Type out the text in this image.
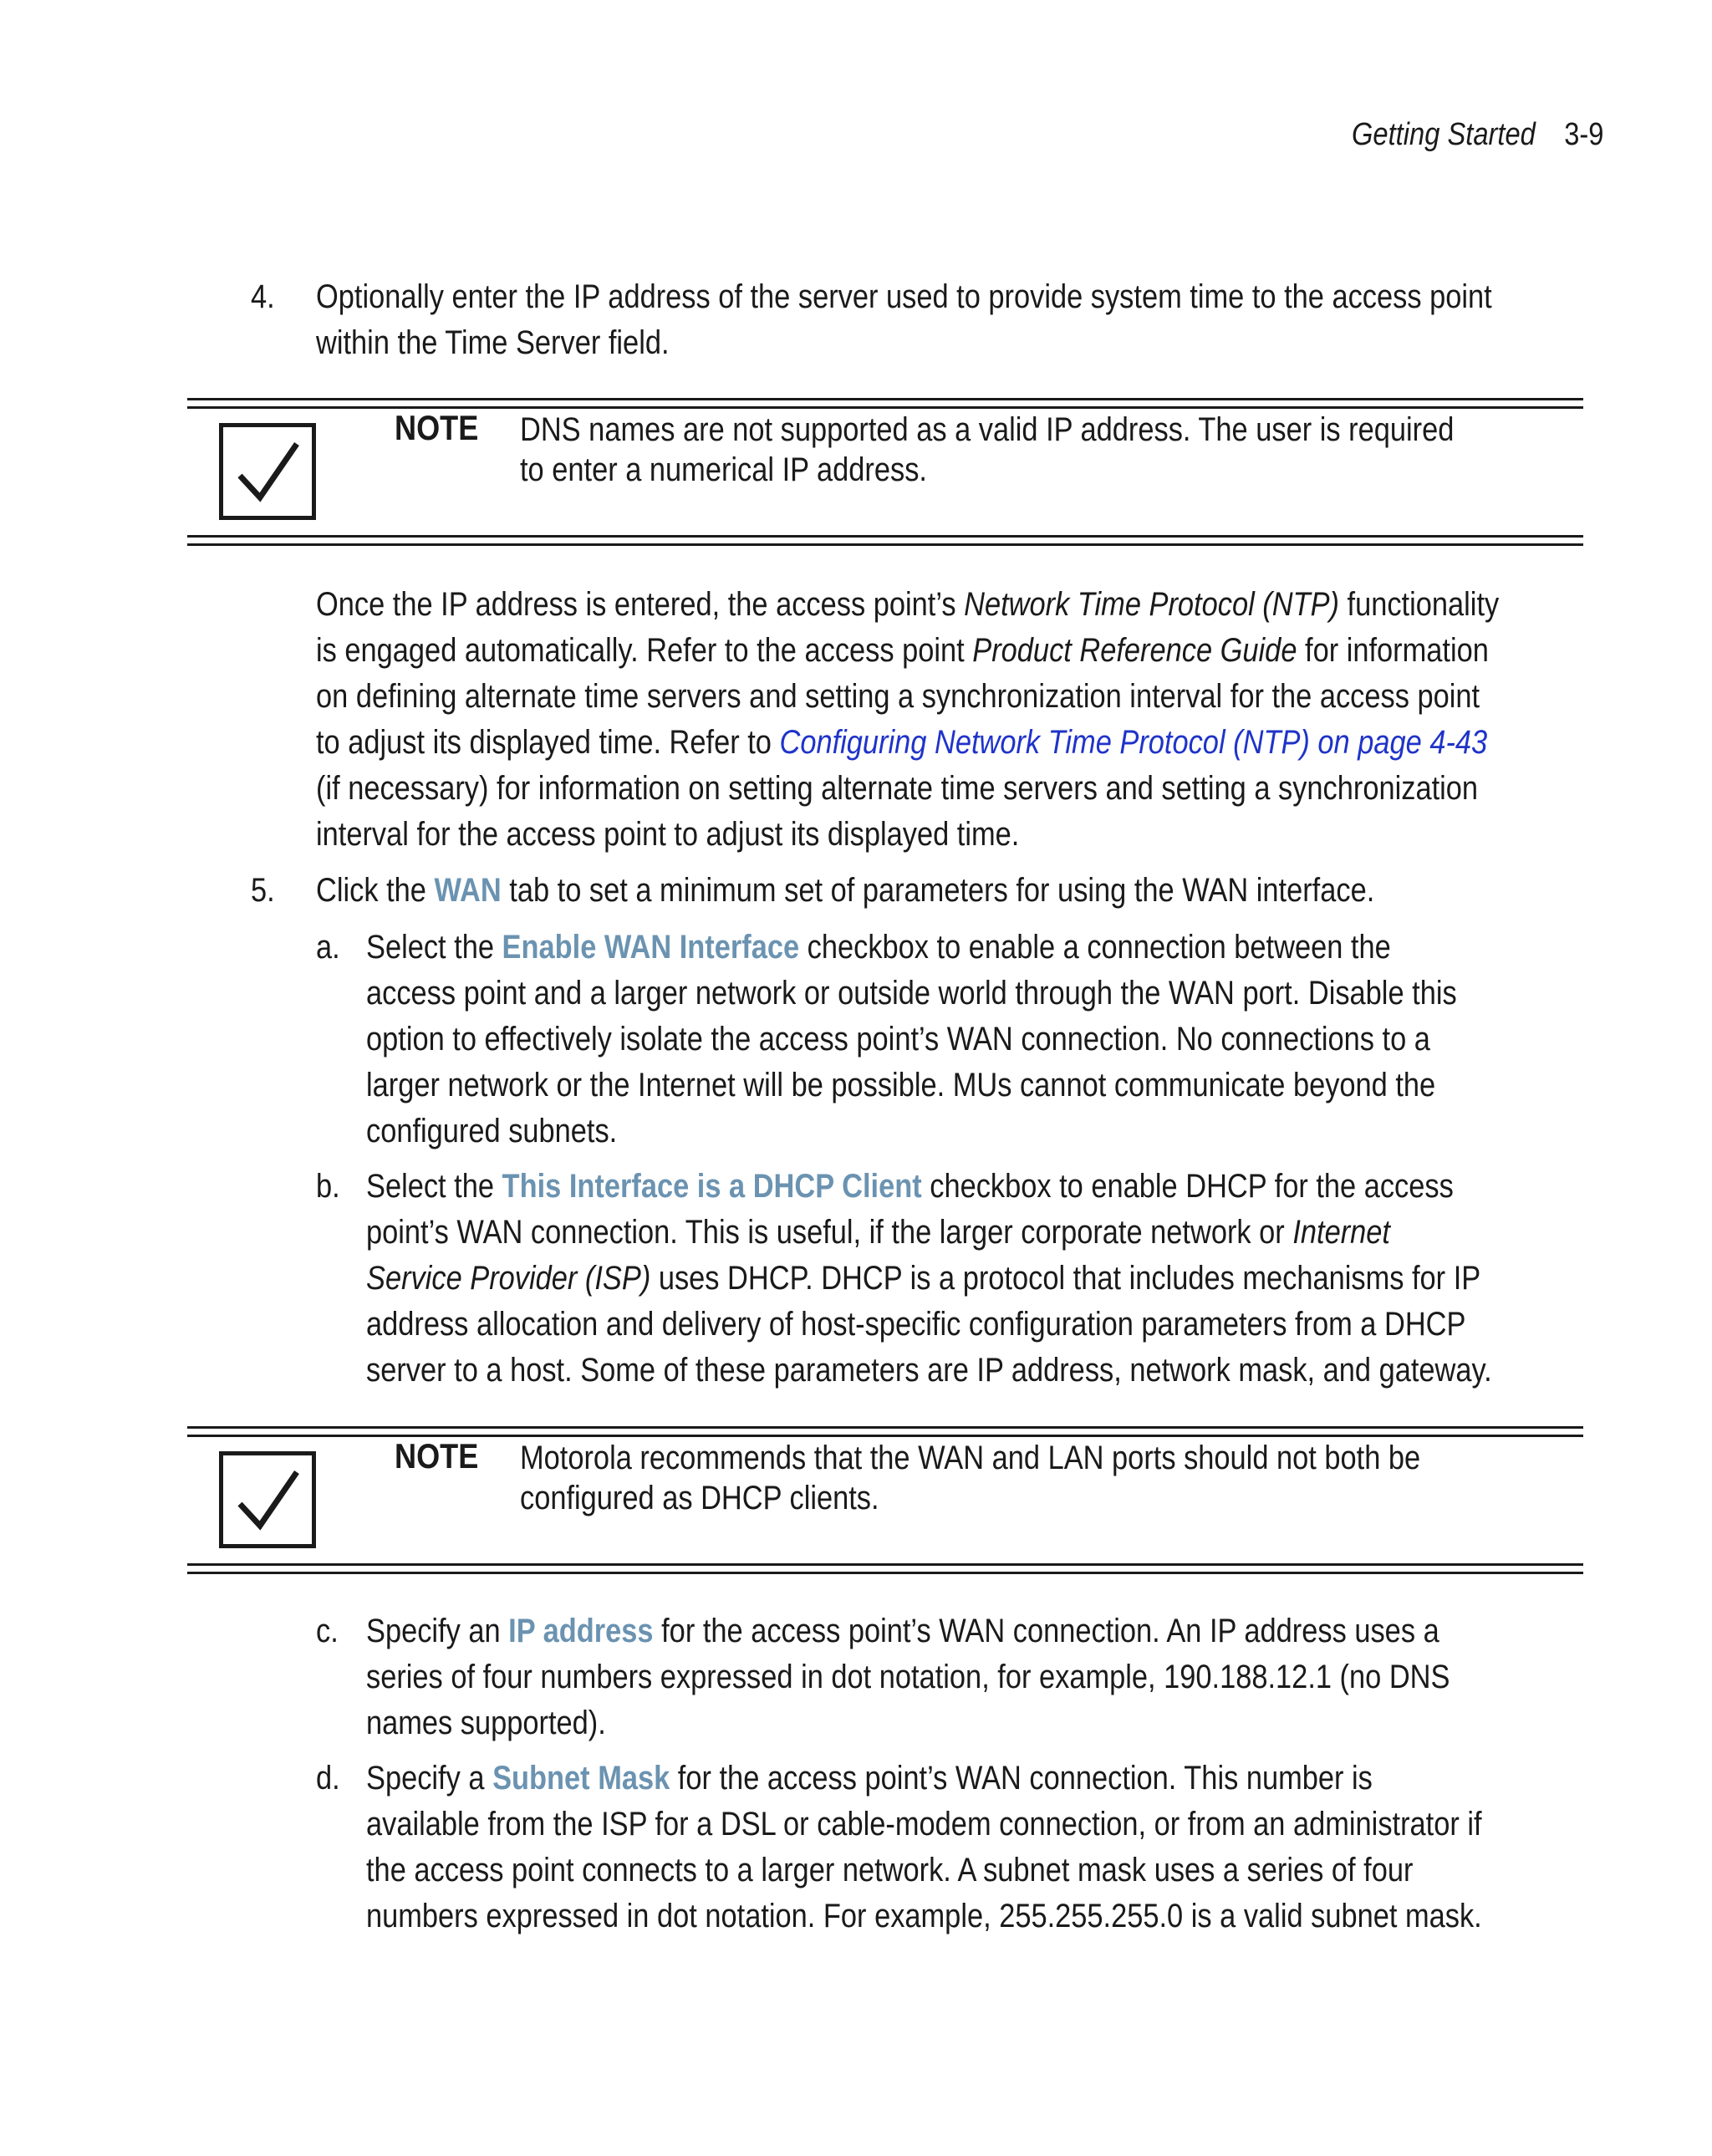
Getting Started 3-9
4. Optionally enter the IP address of the server used to provide system time to the access point
within the Time Server field.
NOTE DNS names are not supported as a valid IP address. The user is required
to enter a numerical IP address.
Once the IP address is entered, the access point’s Network Time Protocol (NTP) functionality
is engaged automatically. Refer to the access point Product Reference Guide for information
on defining alternate time servers and setting a synchronization interval for the access point
to adjust its displayed time. Refer to Configuring Network Time Protocol (NTP) on page 4-43
(if necessary) for information on setting alternate time servers and setting a synchronization
interval for the access point to adjust its displayed time.
5. Click the WAN tab to set a minimum set of parameters for using the WAN interface.
a. Select the Enable WAN Interface checkbox to enable a connection between the
access point and a larger network or outside world through the WAN port. Disable this
option to effectively isolate the access point’s WAN connection. No connections to a
larger network or the Internet will be possible. MUs cannot communicate beyond the
configured subnets.
b. Select the This Interface is a DHCP Client checkbox to enable DHCP for the access
point’s WAN connection. This is useful, if the larger corporate network or Internet
Service Provider (ISP) uses DHCP. DHCP is a protocol that includes mechanisms for IP
address allocation and delivery of host-specific configuration parameters from a DHCP
server to a host. Some of these parameters are IP address, network mask, and gateway.
NOTE Motorola recommends that the WAN and LAN ports should not both be
configured as DHCP clients.
c. Specify an IP address for the access point’s WAN connection. An IP address uses a
series of four numbers expressed in dot notation, for example, 190.188.12.1 (no DNS
names supported).
d. Specify a Subnet Mask for the access point’s WAN connection. This number is
available from the ISP for a DSL or cable-modem connection, or from an administrator if
the access point connects to a larger network. A subnet mask uses a series of four
numbers expressed in dot notation. For example, 255.255.255.0 is a valid subnet mask.
